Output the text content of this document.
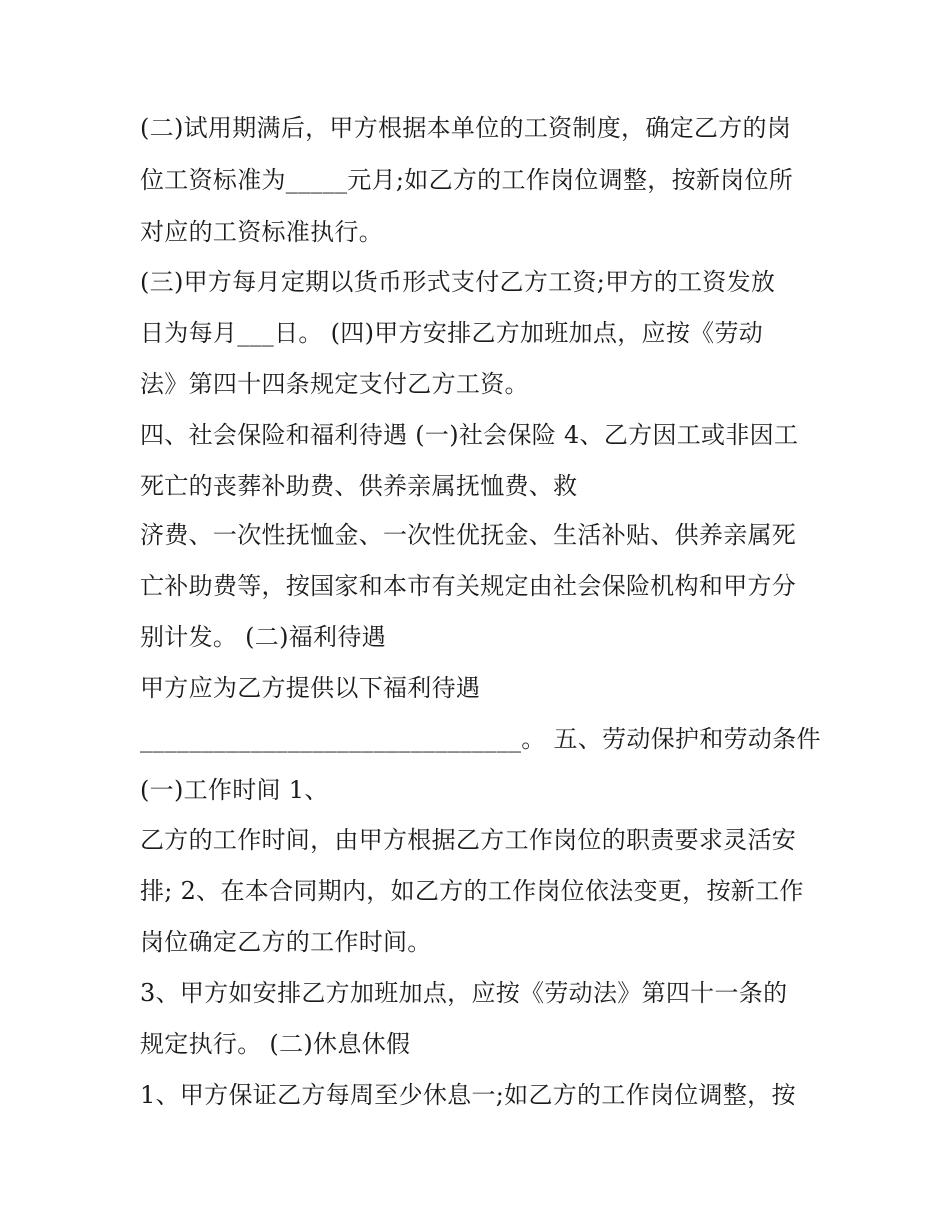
(二)试用期满后，甲方根据本单位的工资制度，确定乙方的岗
位工资标准为_____元月;如乙方的工作岗位调整，按新岗位所
对应的工资标准执行。
(三)甲方每月定期以货币形式支付乙方工资;甲方的工资发放
日为每月___日。 (四)甲方安排乙方加班加点，应按《劳动
法》第四十四条规定支付乙方工资。
四、社会保险和福利待遇 (一)社会保险 4、乙方因工或非因工
死亡的丧葬补助费、供养亲属抚恤费、救
济费、一次性抚恤金、一次性优抚金、生活补贴、供养亲属死
亡补助费等，按国家和本市有关规定由社会保险机构和甲方分
别计发。 (二)福利待遇
甲方应为乙方提供以下福利待遇
_______________________________。 五、劳动保护和劳动条件
(一)工作时间 1、
乙方的工作时间，由甲方根据乙方工作岗位的职责要求灵活安
排; 2、在本合同期内，如乙方的工作岗位依法变更，按新工作
岗位确定乙方的工作时间。
3、甲方如安排乙方加班加点，应按《劳动法》第四十一条的
规定执行。 (二)休息休假
1、甲方保证乙方每周至少休息一;如乙方的工作岗位调整，按
